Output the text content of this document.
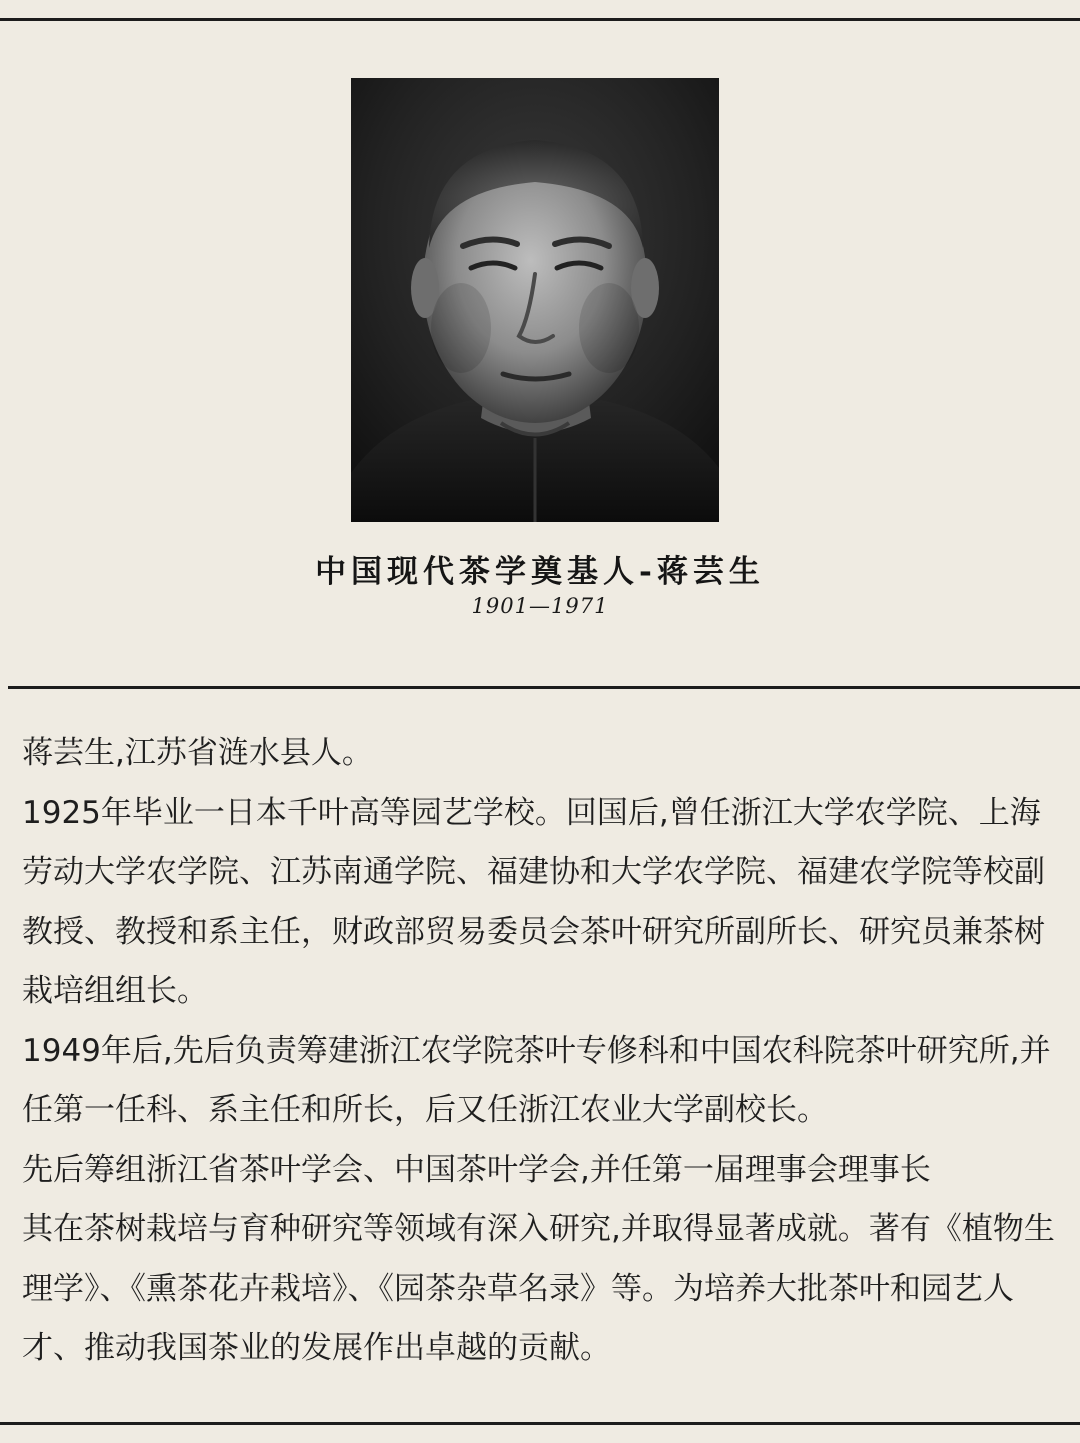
中国现代茶学奠基人-蒋芸生
1901—1971

蒋芸生,江苏省涟水县人。

1925年毕业一日本千叶高等园艺学校。回国后,曾任浙江大学农学院、上海劳动大学农学院、江苏南通学院、福建协和大学农学院、福建农学院等校副教授、教授和系主任，财政部贸易委员会茶叶研究所副所长、研究员兼茶树栽培组组长。

1949年后,先后负责筹建浙江农学院茶叶专修科和中国农科院茶叶研究所,并任第一任科、系主任和所长，后又任浙江农业大学副校长。

先后筹组浙江省茶叶学会、中国茶叶学会,并任第一届理事会理事长

其在茶树栽培与育种研究等领域有深入研究,并取得显著成就。著有《植物生理学》、《熏茶花卉栽培》、《园茶杂草名录》等。为培养大批茶叶和园艺人才、推动我国茶业的发展作出卓越的贡献。
